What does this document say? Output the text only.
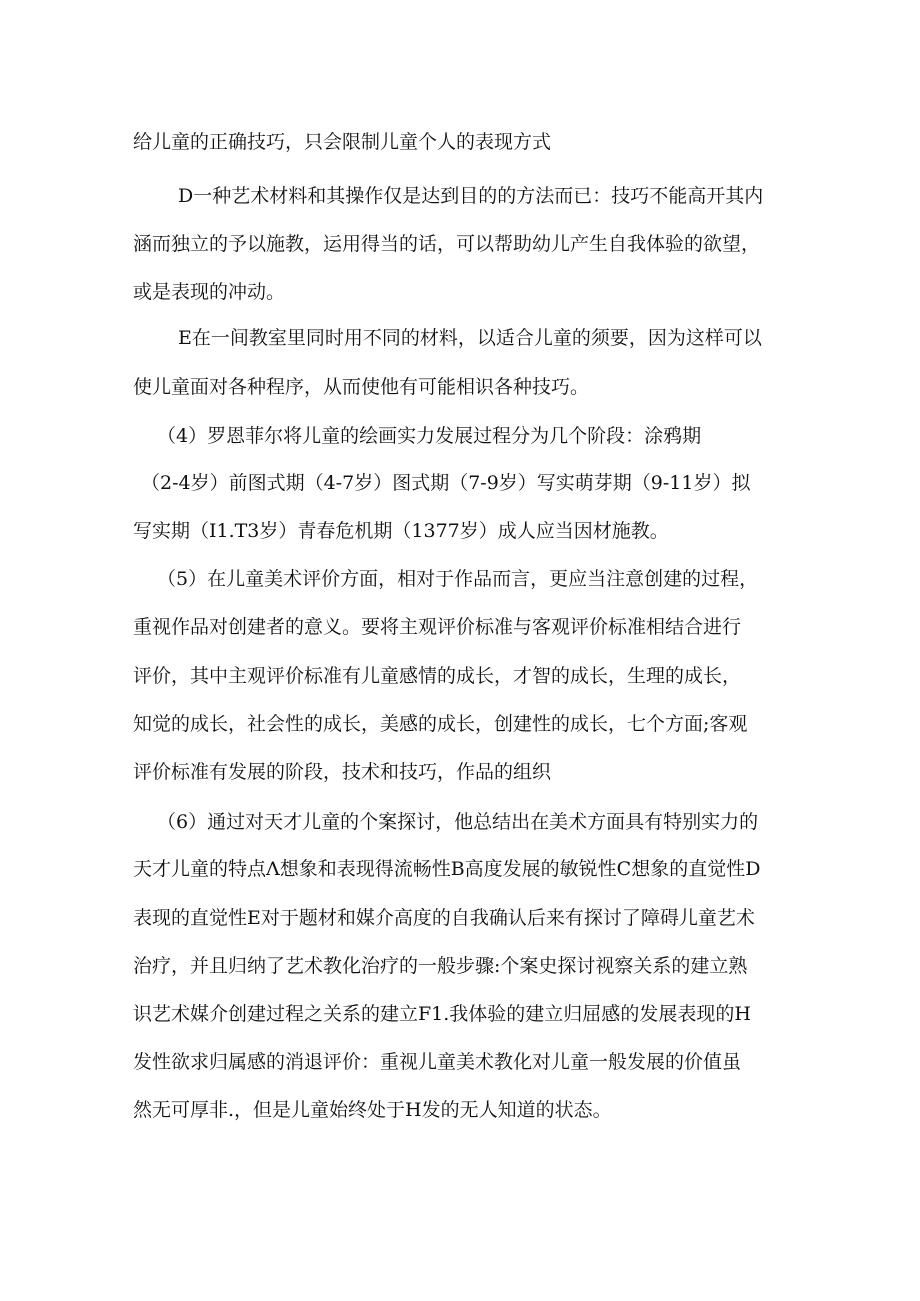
给儿童的正确技巧，只会限制儿童个人的表现方式

D一种艺术材料和其操作仅是达到目的的方法而已：技巧不能高开其内

涵而独立的予以施教，运用得当的话，可以帮助幼儿产生自我体验的欲望，

或是表现的冲动。

E在一间教室里同时用不同的材料，以适合儿童的须要，因为这样可以

使儿童面对各种程序，从而使他有可能相识各种技巧。

（4）罗恩菲尔将儿童的绘画实力发展过程分为几个阶段：涂鸦期

（2-4岁）前图式期（4-7岁）图式期（7-9岁）写实萌芽期（9-11岁）拟

写实期（I1.T3岁）青春危机期（1377岁）成人应当因材施教。

（5）在儿童美术评价方面，相对于作品而言，更应当注意创建的过程，

重视作品对创建者的意义。要将主观评价标准与客观评价标准相结合进行

评价，其中主观评价标准有儿童感情的成长，才智的成长，生理的成长，

知觉的成长，社会性的成长，美感的成长，创建性的成长，七个方面;客观

评价标准有发展的阶段，技术和技巧，作品的组织

（6）通过对天才儿童的个案探讨，他总结出在美术方面具有特别实力的

天才儿童的特点Λ想象和表现得流畅性B高度发展的敏锐性C想象的直觉性D

表现的直觉性E对于题材和媒介高度的自我确认后来有探讨了障碍儿童艺术

治疗，并且归纳了艺术教化治疗的一般步骤:个案史探讨视察关系的建立熟

识艺术媒介创建过程之关系的建立F1.我体验的建立归屈感的发展表现的H

发性欲求归属感的消退评价：重视儿童美术教化对儿童一般发展的价值虽

然无可厚非.，但是儿童始终处于H发的无人知道的状态。
